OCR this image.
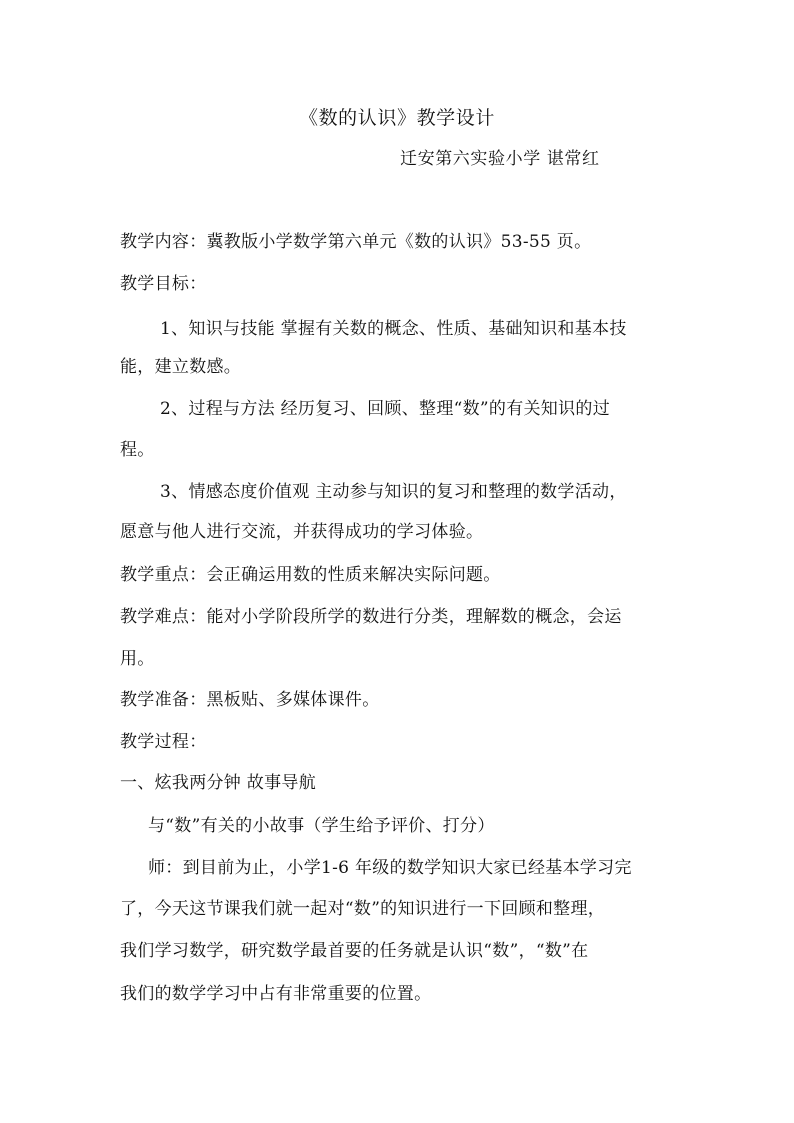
《数的认识》教学设计
迁安第六实验小学 谌常红
教学内容：冀教版小学数学第六单元《数的认识》53-55 页。
教学目标：
1、知识与技能 掌握有关数的概念、性质、基础知识和基本技
能，建立数感。
2、过程与方法 经历复习、回顾、整理“数”的有关知识的过
程。
3、情感态度价值观 主动参与知识的复习和整理的数学活动，
愿意与他人进行交流，并获得成功的学习体验。
教学重点：会正确运用数的性质来解决实际问题。
教学难点：能对小学阶段所学的数进行分类，理解数的概念，会运
用。
教学准备：黑板贴、多媒体课件。
教学过程：
一、炫我两分钟 故事导航
与“数”有关的小故事（学生给予评价、打分）
师：到目前为止，小学1-6 年级的数学知识大家已经基本学习完
了，今天这节课我们就一起对“数”的知识进行一下回顾和整理，
我们学习数学，研究数学最首要的任务就是认识“数”，“数”在
我们的数学学习中占有非常重要的位置。
